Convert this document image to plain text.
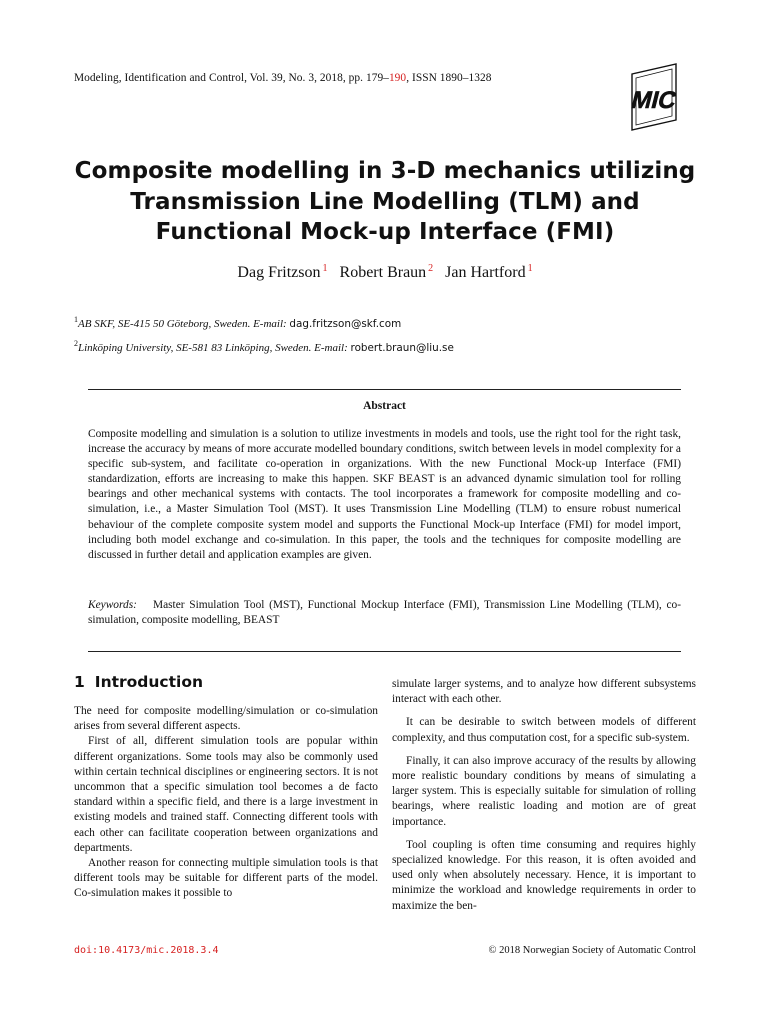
Modeling, Identification and Control, Vol. 39, No. 3, 2018, pp. 179–190, ISSN 1890–1328
MIC
Composite modelling in 3-D mechanics utilizing Transmission Line Modelling (TLM) and Functional Mock-up Interface (FMI)
Dag Fritzson $^1$ Robert Braun $^2$ Jan Hartford $^1$
$^1$AB SKF, SE-415 50 Göteborg, Sweden. E-mail: dag.fritzson@skf.com
$^2$Linköping University, SE-581 83 Linköping, Sweden. E-mail: robert.braun@liu.se
Abstract
Composite modelling and simulation is a solution to utilize investments in models and tools, use the right tool for the right task, increase the accuracy by means of more accurate modelled boundary conditions, switch between levels in model complexity for a specific sub-system, and facilitate co-operation in organizations. With the new Functional Mock-up Interface (FMI) standardization, efforts are increasing to make this happen. SKF BEAST is an advanced dynamic simulation tool for rolling bearings and other mechanical systems with contacts. The tool incorporates a framework for composite modelling and co-simulation, i.e., a Master Simulation Tool (MST). It uses Transmission Line Modelling (TLM) to ensure robust numerical behaviour of the complete composite system model and supports the Functional Mock-up Interface (FMI) for model import, including both model exchange and co-simulation. In this paper, the tools and the techniques for composite modelling are discussed in further detail and application examples are given.
Keywords: Master Simulation Tool (MST), Functional Mockup Interface (FMI), Transmission Line Modelling (TLM), co-simulation, composite modelling, BEAST
1 Introduction

The need for composite modelling/simulation or co-simulation arises from several different aspects.

First of all, different simulation tools are popular within different organizations. Some tools may also be commonly used within certain technical disciplines or engineering sectors. It is not uncommon that a specific simulation tool becomes a de facto standard within a specific field, and there is a large investment in existing models and trained staff. Connecting different tools with each other can facilitate cooperation between organizations and departments.

Another reason for connecting multiple simulation tools is that different tools may be suitable for different parts of the model. Co-simulation makes it possible to

simulate larger systems, and to analyze how different subsystems interact with each other.

It can be desirable to switch between models of different complexity, and thus computation cost, for a specific sub-system.

Finally, it can also improve accuracy of the results by allowing more realistic boundary conditions by means of simulating a larger system. This is especially suitable for simulation of rolling bearings, where realistic loading and motion are of great importance.

Tool coupling is often time consuming and requires highly specialized knowledge. For this reason, it is often avoided and used only when absolutely necessary. Hence, it is important to minimize the workload and knowledge requirements in order to maximize the ben-

doi:10.4173/mic.2018.3.4	© 2018 Norwegian Society of Automatic Control
